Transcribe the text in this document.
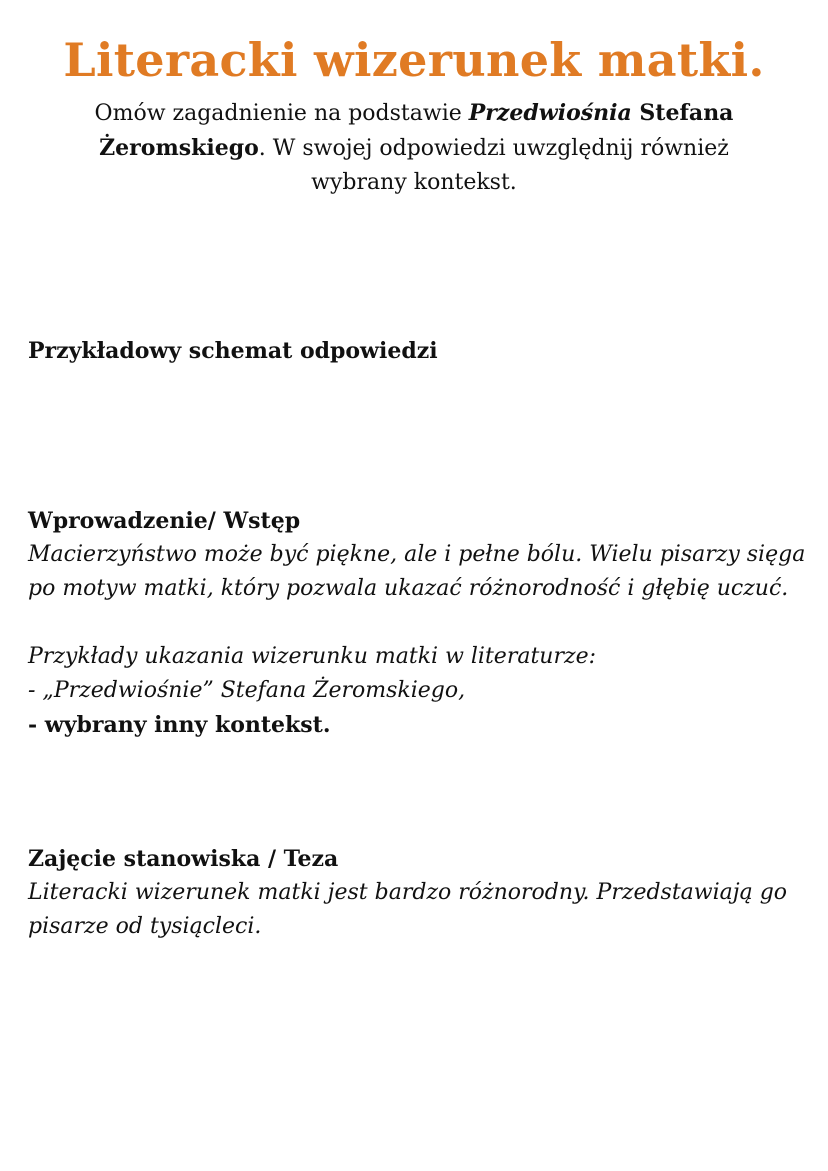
Literacki wizerunek matki.

Omów zagadnienie na podstawie Przedwiośnia Stefana Żeromskiego. W swojej odpowiedzi uwzględnij również wybrany kontekst.

Przykładowy schemat odpowiedzi

Wprowadzenie/ Wstęp

Macierzyństwo może być piękne, ale i pełne bólu. Wielu pisarzy sięga po motyw matki, który pozwala ukazać różnorodność i głębię uczuć.

Przykłady ukazania wizerunku matki w literaturze:

- „Przedwiośnie” Stefana Żeromskiego,

- wybrany inny kontekst.

Zajęcie stanowiska / Teza

Literacki wizerunek matki jest bardzo różnorodny. Przedstawiają go pisarze od tysiącleci.
